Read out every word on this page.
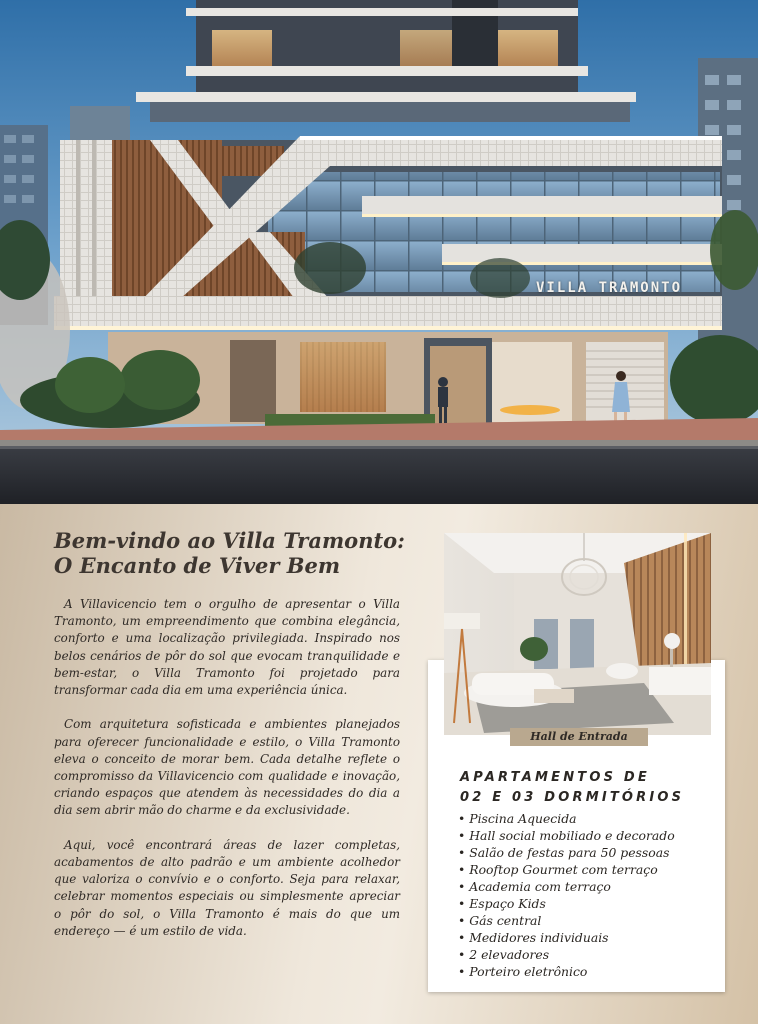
VILLA TRAMONTO
Bem-vindo ao Villa Tramonto:
O Encanto de Viver Bem

A Villavicencio tem o orgulho de apresentar o Villa Tramonto, um empreendimento que combina elegância, conforto e uma localização privilegiada. Inspirado nos belos cenários de pôr do sol que evocam tranquilidade e bem-estar, o Villa Tramonto foi projetado para transformar cada dia em uma experiência única.

Com arquitetura sofisticada e ambientes planejados para oferecer funcionalidade e estilo, o Villa Tramonto eleva o conceito de morar bem. Cada detalhe reflete o compromisso da Villavicencio com qualidade e inovação, criando espaços que atendem às necessidades do dia a dia sem abrir mão do charme e da exclusividade.

Aqui, você encontrará áreas de lazer completas, acabamentos de alto padrão e um ambiente acolhedor que valoriza o convívio e o conforto. Seja para relaxar, celebrar momentos especiais ou simplesmente apreciar o pôr do sol, o Villa Tramonto é mais do que um endereço — é um estilo de vida.

Hall de Entrada
APARTAMENTOS DE
02 E 03 DORMITÓRIOS
• Piscina Aquecida
• Hall social mobiliado e decorado
• Salão de festas para 50 pessoas
• Rooftop Gourmet com terraço
• Academia com terraço
• Espaço Kids
• Gás central
• Medidores individuais
• 2 elevadores
• Porteiro eletrônico
